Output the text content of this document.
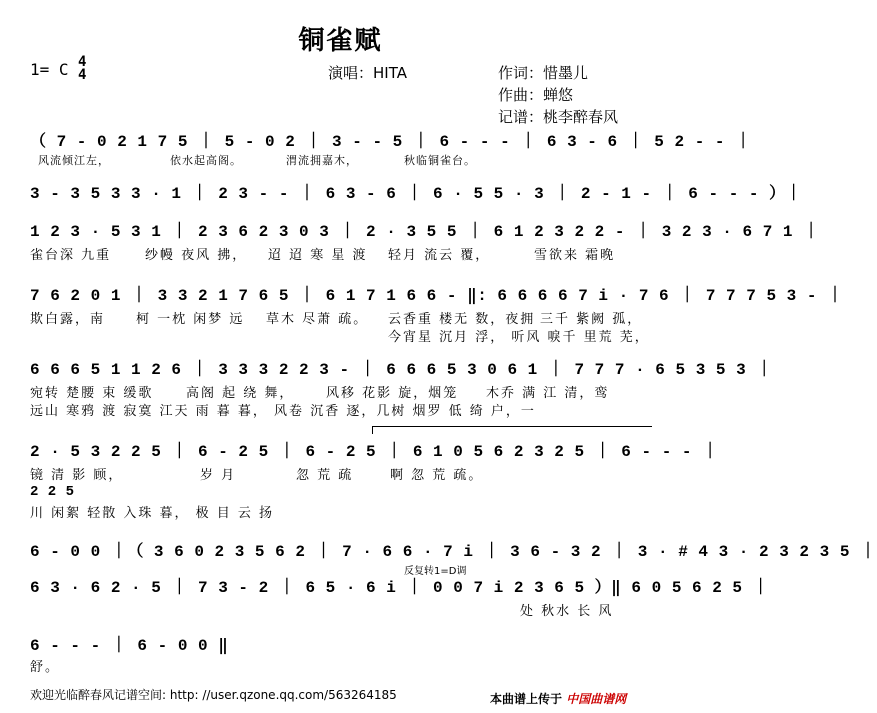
铜雀赋
1= C 4
4	演唱：HITA	作词：惜墨儿
作曲：蝉悠
记谱：桃李醉春风
（ 7 - 0 2 1 7 5 ｜ 5 - 0 2 ｜ 3 - - 5 ｜ 6 - - - ｜ 6 3 - 6 ｜ 5 2 - - ｜
风流倾江左，	依水起高阁。	渭流拥嘉木，	秋临铜雀台。
3 - 3 5 3 3 · 1 ｜ 2 3 - - ｜ 6 3 - 6 ｜ 6 · 5 5 · 3 ｜ 2 - 1 - ｜ 6 - - - ）｜
1 2 3 · 5 3 1 ｜ 2 3 6 2 3 0 3 ｜ 2 · 3 5 5 ｜ 6 1 2 3 2 2 - ｜ 3 2 3 · 6 7 1 ｜
雀台深 九重	纱幔 夜风 拂， 迢 迢 寒 星 渡 轻月 流云 覆，	雪欲来 霜晚
7 6 2 0 1 ｜ 3 3 2 1 7 6 5 ｜ 6 1 7 1 6 6 - ‖: 6 6 6 6 7 i · 7 6 ｜ 7 7 7 5 3 - ｜
欺白露，南 柯 一枕 闲梦 远 草木 尽萧 疏。 云香重 楼无 数，夜拥 三千 紫阙 孤，
今宵星 沉月 浮， 听风 唳千 里荒 芜，
6 6 6 5 1 1 2 6 ｜ 3 3 3 2 2 3 - ｜ 6 6 6 5 3 0 6 1 ｜ 7 7 7 · 6 5 3 5 3 ｜
宛转 楚腰 束 缓歌	高阁 起 绕 舞， 风移 花影 旋，烟笼 木乔 满 江 清，鸾
远山 寒鸦 渡 寂寞 江天 雨 暮 暮， 风卷 沉香 逐，几树 烟罗 低 绮 户，一
2 · 5 3 2 2 5 ｜ 6 - 2 5 ｜ 6 - 2 5 ｜ 6 1 0 5 6 2 3 2 5 ｜ 6 - - - ｜
镜 清 影 顾，	岁 月	忽 荒 疏	啊 忽 荒 疏。
2 2 5
川 闲絮 轻散 入珠 暮， 极 目 云 扬
6 - 0 0 ｜（ 3 6 0 2 3 5 6 2 ｜ 7 · 6 6 · 7 i ｜ 3 6 - 3 2 ｜ 3 · # 4 3 · 2 3 2 3 5 ｜
反复转1=D调
6 3 · 6 2 · 5 ｜ 7 3 - 2 ｜ 6 5 · 6 i ｜ 0 0 7 i 2 3 6 5 ）‖ 6 0 5 6 2 5 ｜
处 秋水 长 风
6 - - - ｜ 6 - 0 0 ‖
舒。
欢迎光临醉春风记谱空间: http: //user.qzone.qq.com/563264185	本曲谱上传于 中国曲谱网
